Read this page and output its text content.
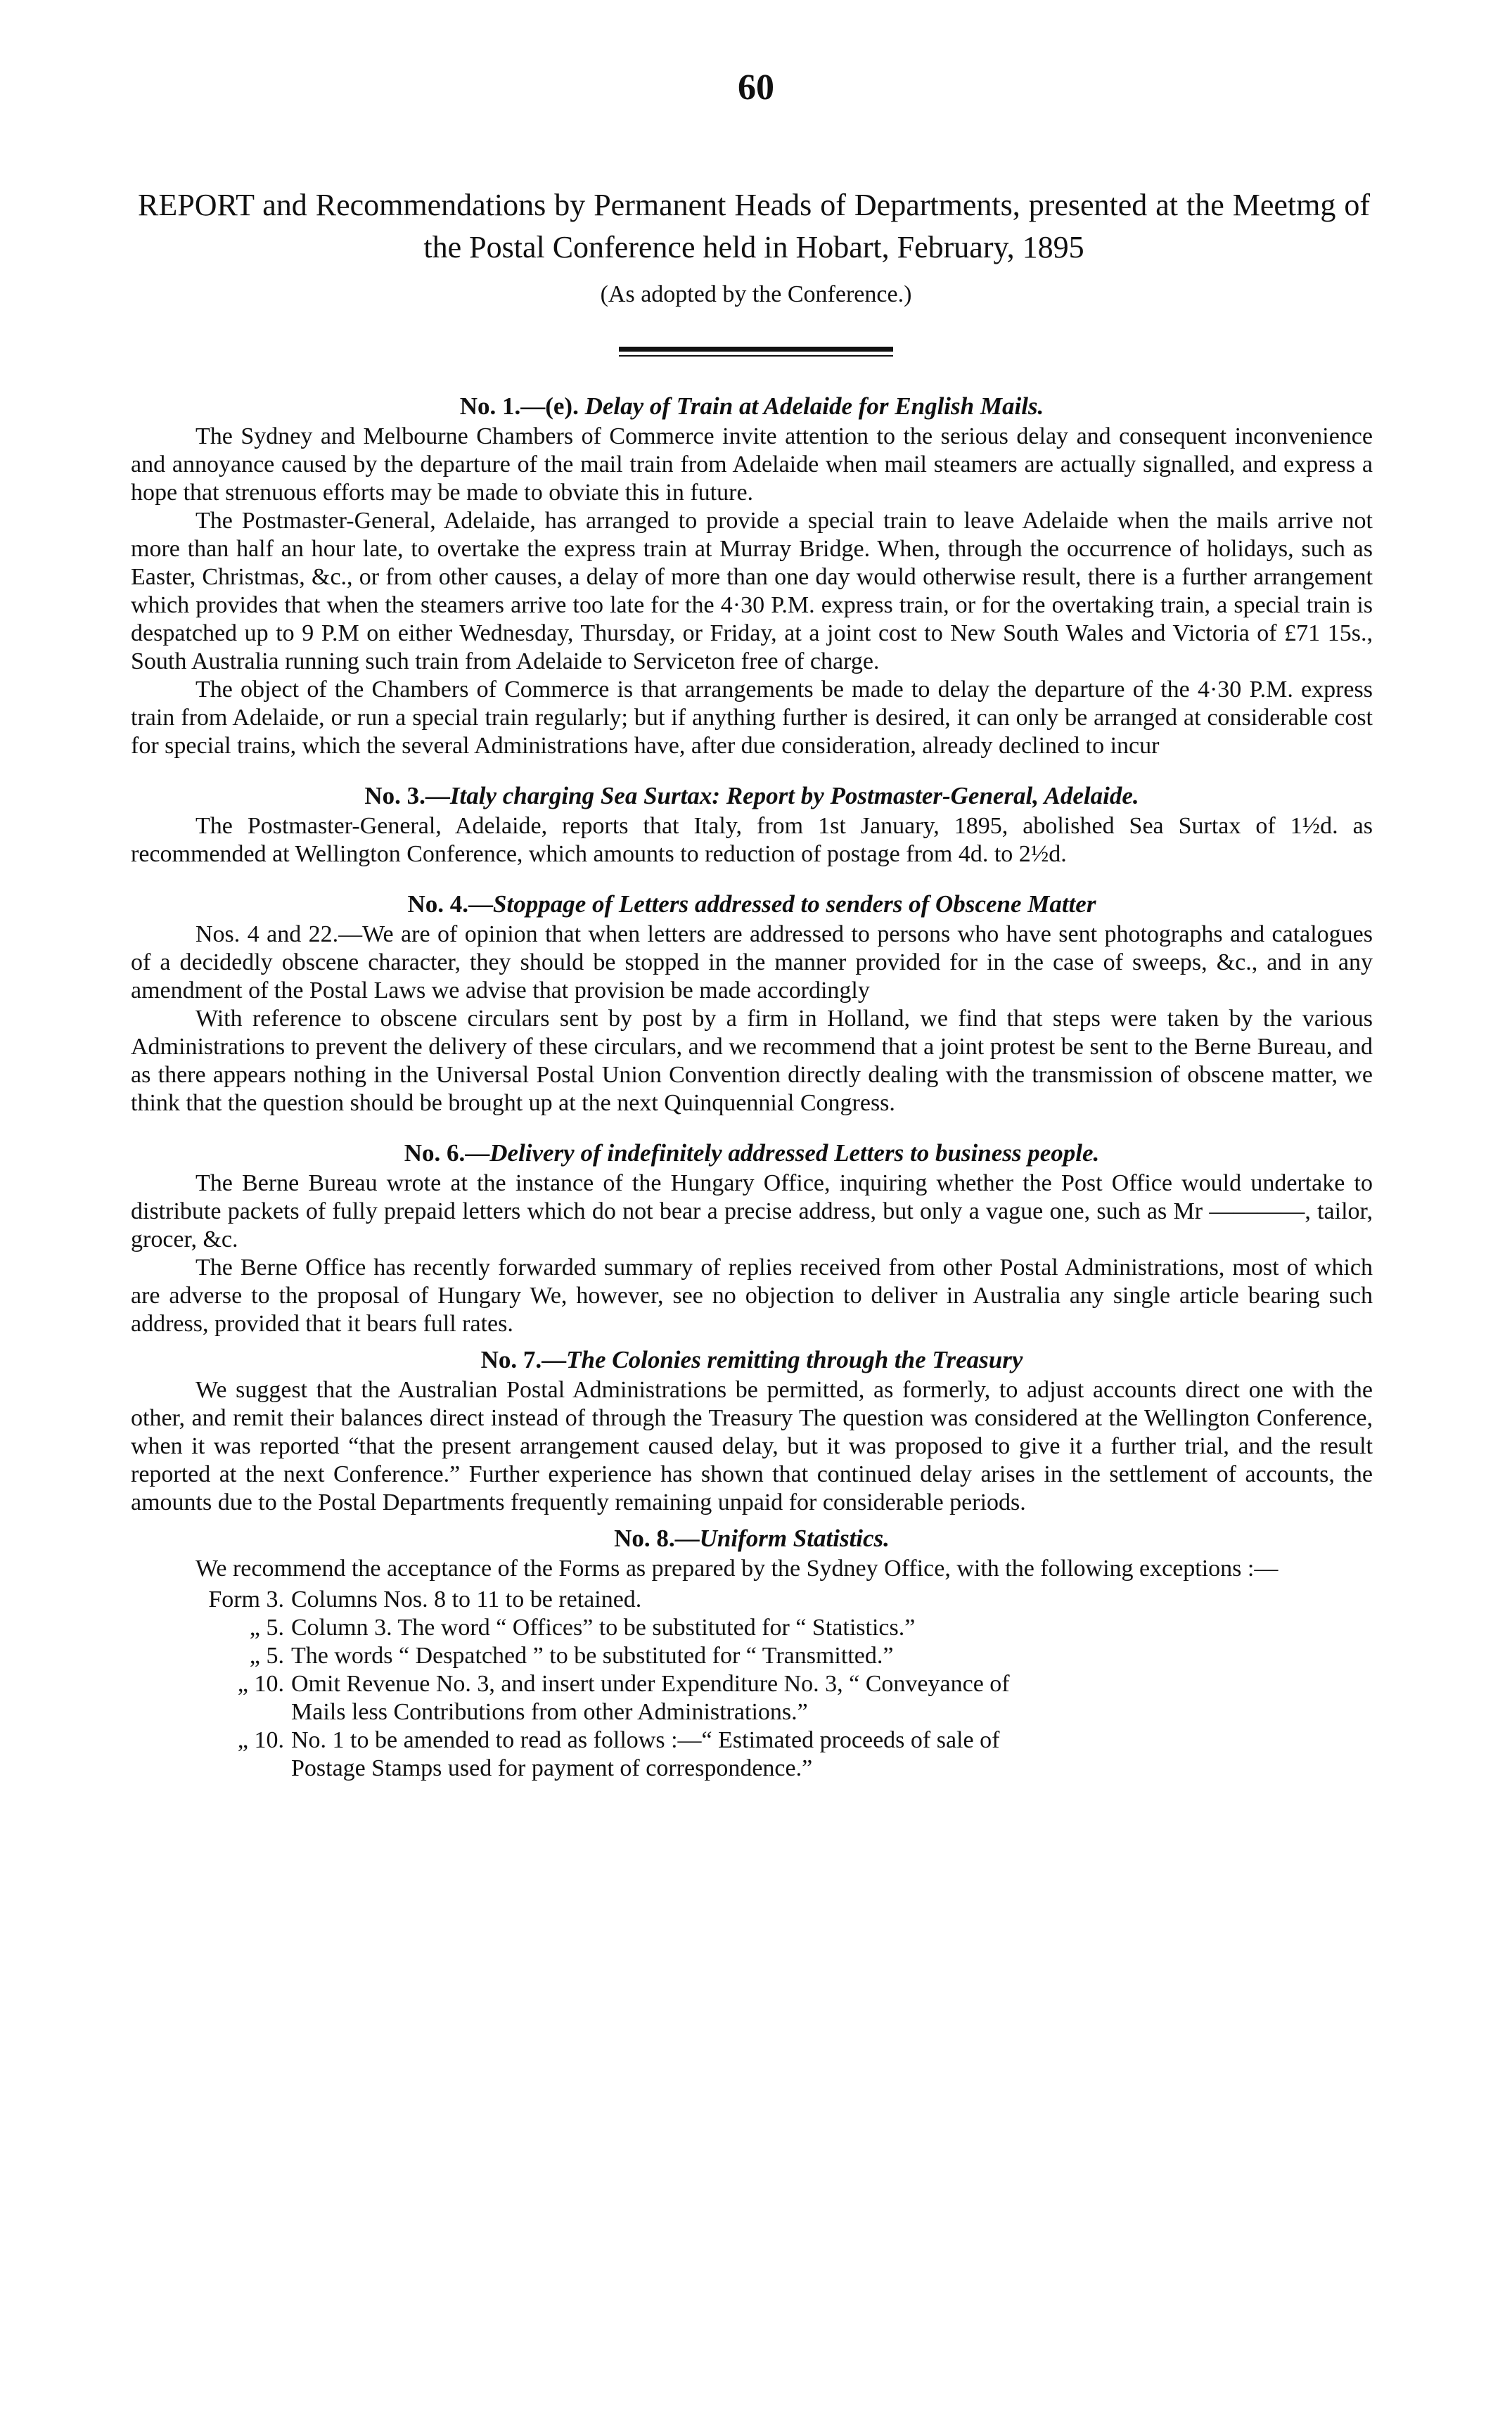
60
REPORT and Recommendations by Permanent Heads of Departments, presented at the Meetmg of the Postal Conference held in Hobart, February, 1895
(As adopted by the Conference.)
No. 1.—(e). Delay of Train at Adelaide for English Mails.

The Sydney and Melbourne Chambers of Commerce invite attention to the serious delay and consequent inconvenience and annoyance caused by the departure of the mail train from Adelaide when mail steamers are actually signalled, and express a hope that strenuous efforts may be made to obviate this in future.

The Postmaster-General, Adelaide, has arranged to provide a special train to leave Adelaide when the mails arrive not more than half an hour late, to overtake the express train at Murray Bridge. When, through the occurrence of holidays, such as Easter, Christmas, &c., or from other causes, a delay of more than one day would otherwise result, there is a further arrangement which provides that when the steamers arrive too late for the 4·30 P.M. express train, or for the overtaking train, a special train is despatched up to 9 P.M on either Wednesday, Thursday, or Friday, at a joint cost to New South Wales and Victoria of £71 15s., South Australia running such train from Adelaide to Serviceton free of charge.

The object of the Chambers of Commerce is that arrangements be made to delay the departure of the 4·30 P.M. express train from Adelaide, or run a special train regularly; but if anything further is desired, it can only be arranged at considerable cost for special trains, which the several Administrations have, after due consideration, already declined to incur

No. 3.—Italy charging Sea Surtax: Report by Postmaster-General, Adelaide.

The Postmaster-General, Adelaide, reports that Italy, from 1st January, 1895, abolished Sea Surtax of 1½d. as recommended at Wellington Conference, which amounts to reduction of postage from 4d. to 2½d.

No. 4.—Stoppage of Letters addressed to senders of Obscene Matter

Nos. 4 and 22.—We are of opinion that when letters are addressed to persons who have sent photographs and catalogues of a decidedly obscene character, they should be stopped in the manner provided for in the case of sweeps, &c., and in any amendment of the Postal Laws we advise that provision be made accordingly

With reference to obscene circulars sent by post by a firm in Holland, we find that steps were taken by the various Administrations to prevent the delivery of these circulars, and we recommend that a joint protest be sent to the Berne Bureau, and as there appears nothing in the Universal Postal Union Convention directly dealing with the transmission of obscene matter, we think that the question should be brought up at the next Quinquennial Congress.

No. 6.—Delivery of indefinitely addressed Letters to business people.

The Berne Bureau wrote at the instance of the Hungary Office, inquiring whether the Post Office would undertake to distribute packets of fully prepaid letters which do not bear a precise address, but only a vague one, such as Mr ————, tailor, grocer, &c.

The Berne Office has recently forwarded summary of replies received from other Postal Administrations, most of which are adverse to the proposal of Hungary We, however, see no objection to deliver in Australia any single article bearing such address, provided that it bears full rates.

No. 7.—The Colonies remitting through the Treasury

We suggest that the Australian Postal Administrations be permitted, as formerly, to adjust accounts direct one with the other, and remit their balances direct instead of through the Treasury The question was considered at the Wellington Conference, when it was reported “that the present arrangement caused delay, but it was proposed to give it a further trial, and the result reported at the next Conference.” Further experience has shown that continued delay arises in the settlement of accounts, the amounts due to the Postal Departments frequently remaining unpaid for considerable periods.

No. 8.—Uniform Statistics.

We recommend the acceptance of the Forms as prepared by the Sydney Office, with the following exceptions :—

Form 3. Columns Nos. 8 to 11 to be retained.
„ 5. Column 3. The word “ Offices” to be substituted for “ Statistics.”
„ 5. The words “ Despatched ” to be substituted for “ Transmitted.”
„ 10. Omit Revenue No. 3, and insert under Expenditure No. 3, “ Conveyance of
Mails less Contributions from other Administrations.”
„ 10. No. 1 to be amended to read as follows :—“ Estimated proceeds of sale of
Postage Stamps used for payment of correspondence.”
